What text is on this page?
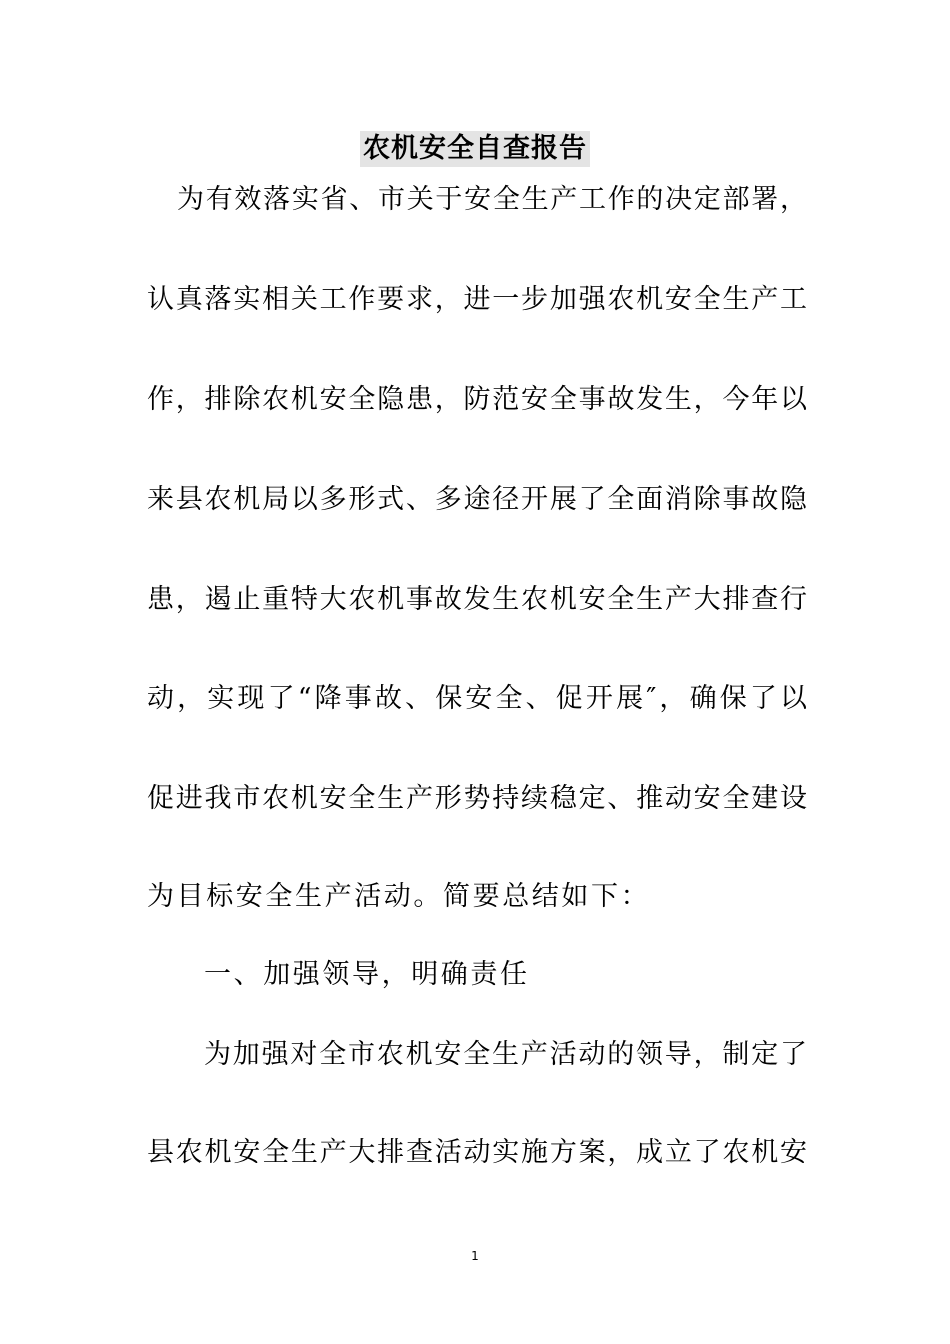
农机安全自查报告
为有效落实省、市关于安全生产工作的决定部署，
认真落实相关工作要求，进一步加强农机安全生产工
作，排除农机安全隐患，防范安全事故发生，今年以
来县农机局以多形式、多途径开展了全面消除事故隐
患，遏止重特大农机事故发生农机安全生产大排查行
动，实现了“降事故、保安全、促开展″，确保了以
促进我市农机安全生产形势持续稳定、推动安全建设
为目标安全生产活动。简要总结如下：
一、加强领导，明确责任
为加强对全市农机安全生产活动的领导，制定了
县农机安全生产大排查活动实施方案，成立了农机安
1
